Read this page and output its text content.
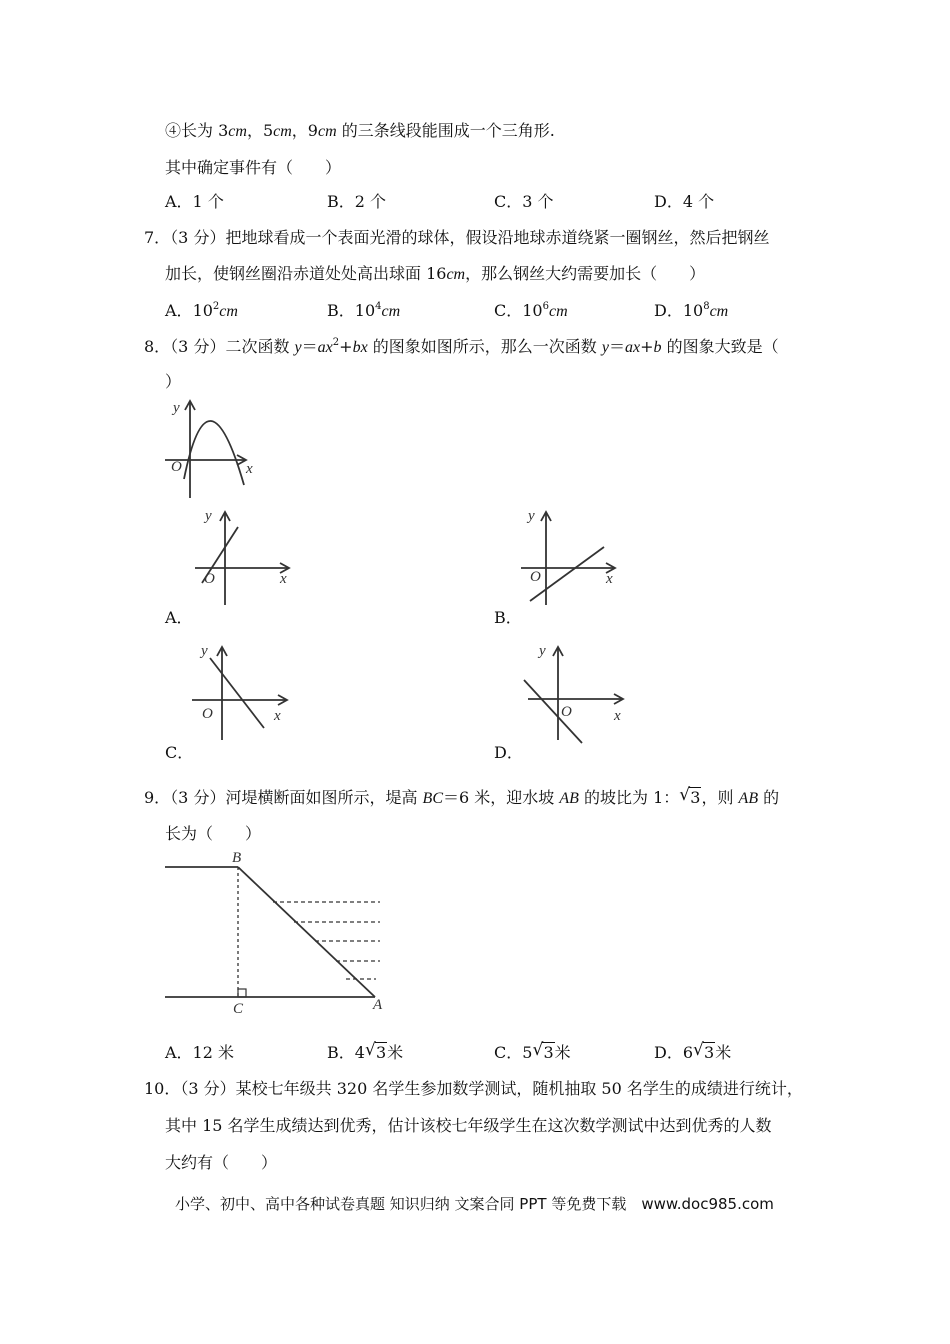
④长为 3cm，5cm，9cm 的三条线段能围成一个三角形.
其中确定事件有（　　）
A．1 个	B．2 个	C．3 个	D．4 个
7．（3 分）把地球看成一个表面光滑的球体，假设沿地球赤道绕紧一圈钢丝，然后把钢丝
加长，使钢丝圈沿赤道处处高出球面 16cm，那么钢丝大约需要加长（　　）
A．$10^2cm$	B．$10^4cm$	C．$10^6cm$	D．$10^8cm$
8．（3 分）二次函数 $y=ax^2+bx$ 的图象如图所示，那么一次函数 y＝ax+b 的图象大致是（
）
y
x
O
y
x
O
A．
y
x
O
B．
y
x
O
C．
y
x
O
D．
9．（3 分）河堤横断面如图所示，堤高 BC＝6 米，迎水坡 AB 的坡比为 1： √ 3，则 AB 的
长为（　　）
B
C	A
A．12 米	B．4 √ 3米	C．5 √ 3米	D．6 √ 3米
10．（3 分）某校七年级共 320 名学生参加数学测试，随机抽取 50 名学生的成绩进行统计，
其中 15 名学生成绩达到优秀，估计该校七年级学生在这次数学测试中达到优秀的人数
大约有（　　）
小学、初中、高中各种试卷真题 知识归纳 文案合同 PPT 等免费下载　www.doc985.com
